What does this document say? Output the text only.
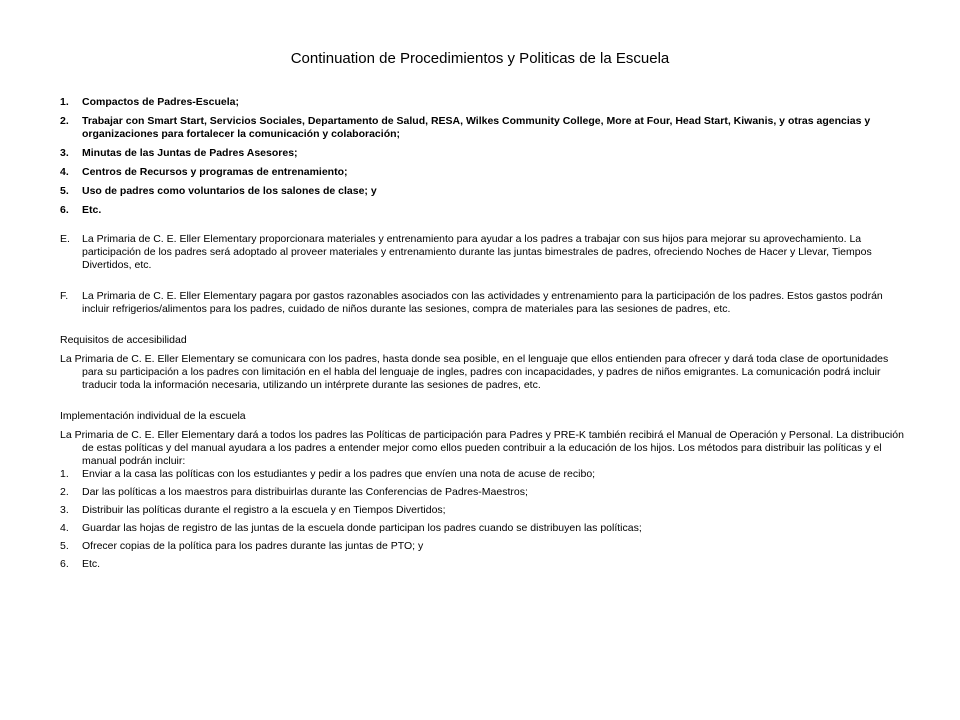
Continuation de Procedimientos y Politicas de la Escuela
1. Compactos de Padres-Escuela;
2. Trabajar con Smart Start, Servicios Sociales, Departamento de Salud, RESA, Wilkes Community College, More at Four, Head Start, Kiwanis, y otras agencias y organizaciones para fortalecer la comunicación y colaboración;
3. Minutas de las Juntas de Padres Asesores;
4. Centros de Recursos y programas de entrenamiento;
5. Uso de padres como voluntarios de los salones de clase; y
6. Etc.

E. La Primaria de C. E. Eller Elementary proporcionara materiales y entrenamiento para ayudar a los padres a trabajar con sus hijos para mejorar su aprovechamiento. La participación de los padres será adoptado al proveer materiales y entrenamiento durante las juntas bimestrales de padres, ofreciendo Noches de Hacer y Llevar, Tiempos Divertidos, etc.

F. La Primaria de C. E. Eller Elementary pagara por gastos razonables asociados con las actividades y entrenamiento para la participación de los padres. Estos gastos podrán incluir refrigerios/alimentos para los padres, cuidado de niños durante las sesiones, compra de materiales para las sesiones de padres, etc.

Requisitos de accesibilidad

La Primaria de C. E. Eller Elementary se comunicara con los padres, hasta donde sea posible, en el lenguaje que ellos entienden para ofrecer y dará toda clase de oportunidades para su participación a los padres con limitación en el habla del lenguaje de ingles, padres con incapacidades, y padres de niños emigrantes. La comunicación podrá incluir traducir toda la información necesaria, utilizando un intérprete durante las sesiones de padres, etc.

Implementación individual de la escuela

La Primaria de C. E. Eller Elementary dará a todos los padres las Políticas de participación para Padres y PRE-K también recibirá el Manual de Operación y Personal. La distribución de estas políticas y del manual ayudara a los padres a entender mejor como ellos pueden contribuir a la educación de los hijos. Los métodos para distribuir las políticas y el manual podrán incluir:

1. Enviar a la casa las políticas con los estudiantes y pedir a los padres que envíen una nota de acuse de recibo;
2. Dar las políticas a los maestros para distribuirlas durante las Conferencias de Padres-Maestros;
3. Distribuir las políticas durante el registro a la escuela y en Tiempos Divertidos;
4. Guardar las hojas de registro de las juntas de la escuela donde participan los padres cuando se distribuyen las políticas;
5. Ofrecer copias de la política para los padres durante las juntas de PTO; y
6. Etc.
